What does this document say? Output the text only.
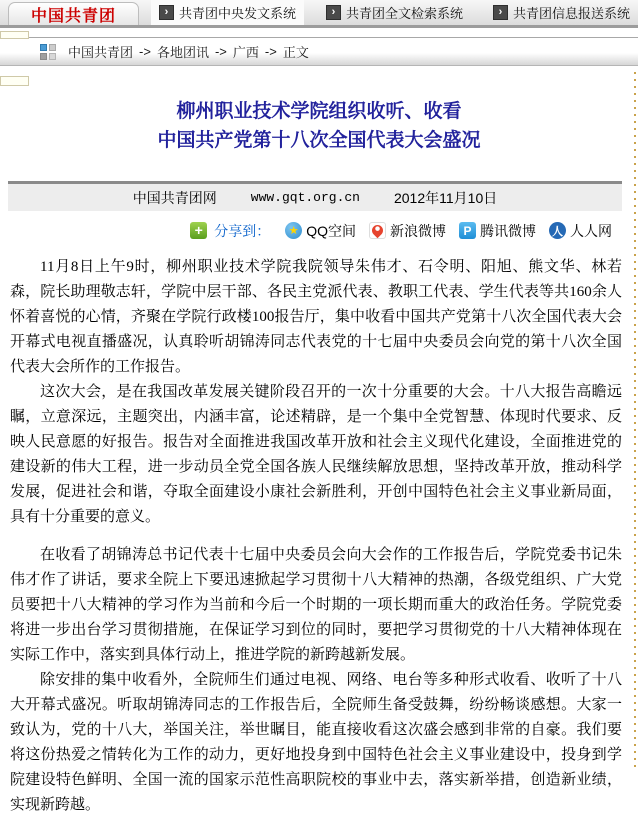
中国共青团	› 共青团中央发文系统	› 共青团全文检索系统	› 共青团信息报送系统
中国共青团 -> 各地团讯 -> 广西 -> 正文
柳州职业技术学院组织收听、收看
中国共产党第十八次全国代表大会盛况
中国共青团网	www.gqt.org.cn 2012年11月10日
+ 分享到：	★ QQ空间 新浪微博	P 腾讯微博 人 人人网

11月8日上午9时，柳州职业技术学院我院领导朱伟才、石令明、阳旭、熊文华、林若森，院长助理敬志轩，学院中层干部、各民主党派代表、教职工代表、学生代表等共160余人怀着喜悦的心情，齐聚在学院行政楼100报告厅，集中收看中国共产党第十八次全国代表大会开幕式电视直播盛况，认真聆听胡锦涛同志代表党的十七届中央委员会向党的第十八次全国代表大会所作的工作报告。

这次大会，是在我国改革发展关键阶段召开的一次十分重要的大会。十八大报告高瞻远瞩，立意深远，主题突出，内涵丰富，论述精辟，是一个集中全党智慧、体现时代要求、反映人民意愿的好报告。报告对全面推进我国改革开放和社会主义现代化建设，全面推进党的建设新的伟大工程，进一步动员全党全国各族人民继续解放思想，坚持改革开放，推动科学发展，促进社会和谐，夺取全面建设小康社会新胜利，开创中国特色社会主义事业新局面，具有十分重要的意义。

在收看了胡锦涛总书记代表十七届中央委员会向大会作的工作报告后，学院党委书记朱伟才作了讲话，要求全院上下要迅速掀起学习贯彻十八大精神的热潮，各级党组织、广大党员要把十八大精神的学习作为当前和今后一个时期的一项长期而重大的政治任务。学院党委将进一步出台学习贯彻措施，在保证学习到位的同时，要把学习贯彻党的十八大精神体现在实际工作中，落实到具体行动上，推进学院的新跨越新发展。

除安排的集中收看外，全院师生们通过电视、网络、电台等多种形式收看、收听了十八大开幕式盛况。听取胡锦涛同志的工作报告后，全院师生备受鼓舞，纷纷畅谈感想。大家一致认为，党的十八大，举国关注，举世瞩目，能直接收看这次盛会感到非常的自豪。我们要将这份热爱之情转化为工作的动力，更好地投身到中国特色社会主义事业建设中，投身到学院建设特色鲜明、全国一流的国家示范性高职院校的事业中去，落实新举措，创造新业绩，实现新跨越。
